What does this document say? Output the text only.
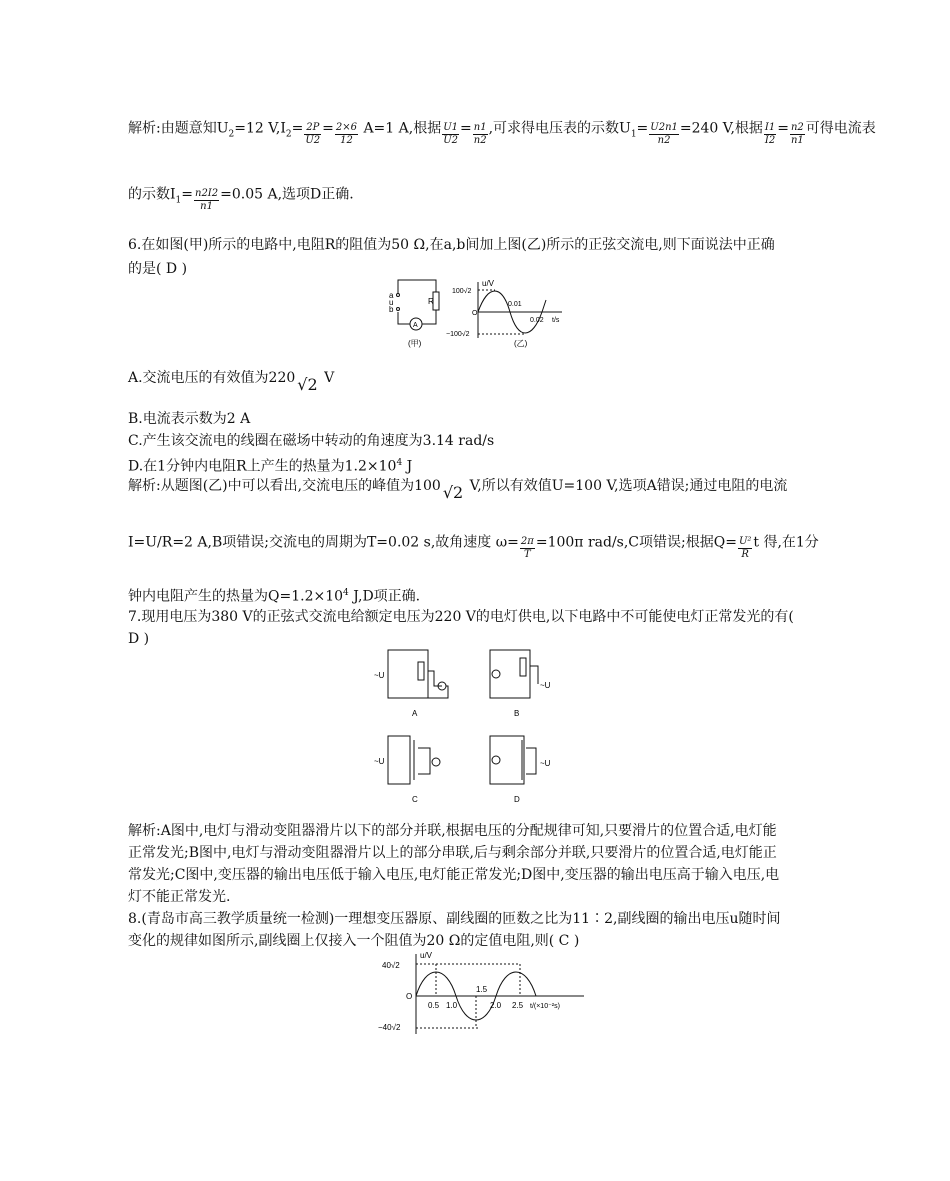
解析:由题意知$U_2=12$ $V,I_2= \frac{2P}{U2} = \frac{2\times 6}{12} A=1$ A,根据 $\frac{U1}{U2} = \frac{n1}{n2}$ ,可求得电压表的示数$U_1= \frac{U2n1}{n2} =240$ V,根据 $\frac{I1}{I2} = \frac{n2}{n1}$ 可得电流表
的示数$I_1= \frac{n2I2}{n1} =0.05$ A,选项D正确.
6.在如图(甲)所示的电路中,电阻R的阻值为50 Ω,在a,b间加上图(乙)所示的正弦交流电,则下面说法中正确
的是( D )
a
u
b
R
A
(甲)
u/V
100√2
−100√2
O
0.01
0.02 t/s
(乙)
A.交流电压的有效值为220 √2 V
B.电流表示数为2 A
C.产生该交流电的线圈在磁场中转动的角速度为3.14 rad/s
D.在1分钟内电阻R上产生的热量为$1.2\times 10^4$ J
解析:从题图(乙)中可以看出,交流电压的峰值为100 √2 V,所以有效值U=100 V,选项A错误;通过电阻的电流
I=U/R=2 A,B项错误;交流电的周期为T=0.02 s,故角速度 $\omega= \frac{2\pi}{T} =100\pi$ rad/s,C项错误;根据$Q= \frac{\text{U²}}{R}$ t 得,在1分
钟内电阻产生的热量为$Q=1.2\times 10^4$ J,D项正确.
7.现用电压为380 V的正弦式交流电给额定电压为220 V的电灯供电,以下电路中不可能使电灯正常发光的有(
D )
~U
~U
~U	~U
A	B
C	D
解析:A图中,电灯与滑动变阻器滑片以下的部分并联,根据电压的分配规律可知,只要滑片的位置合适,电灯能
正常发光;B图中,电灯与滑动变阻器滑片以上的部分串联,后与剩余部分并联,只要滑片的位置合适,电灯能正
常发光;C图中,变压器的输出电压低于输入电压,电灯能正常发光;D图中,变压器的输出电压高于输入电压,电
灯不能正常发光.
8.(青岛市高三教学质量统一检测)一理想变压器原、副线圈的匝数之比为11∶2,副线圈的输出电压u随时间
变化的规律如图所示,副线圈上仅接入一个阻值为20 Ω的定值电阻,则( C )
u/V
40√2
−40√2
O
0.5 1.0
1.5
2.0 2.5 t/(×10⁻²s)
